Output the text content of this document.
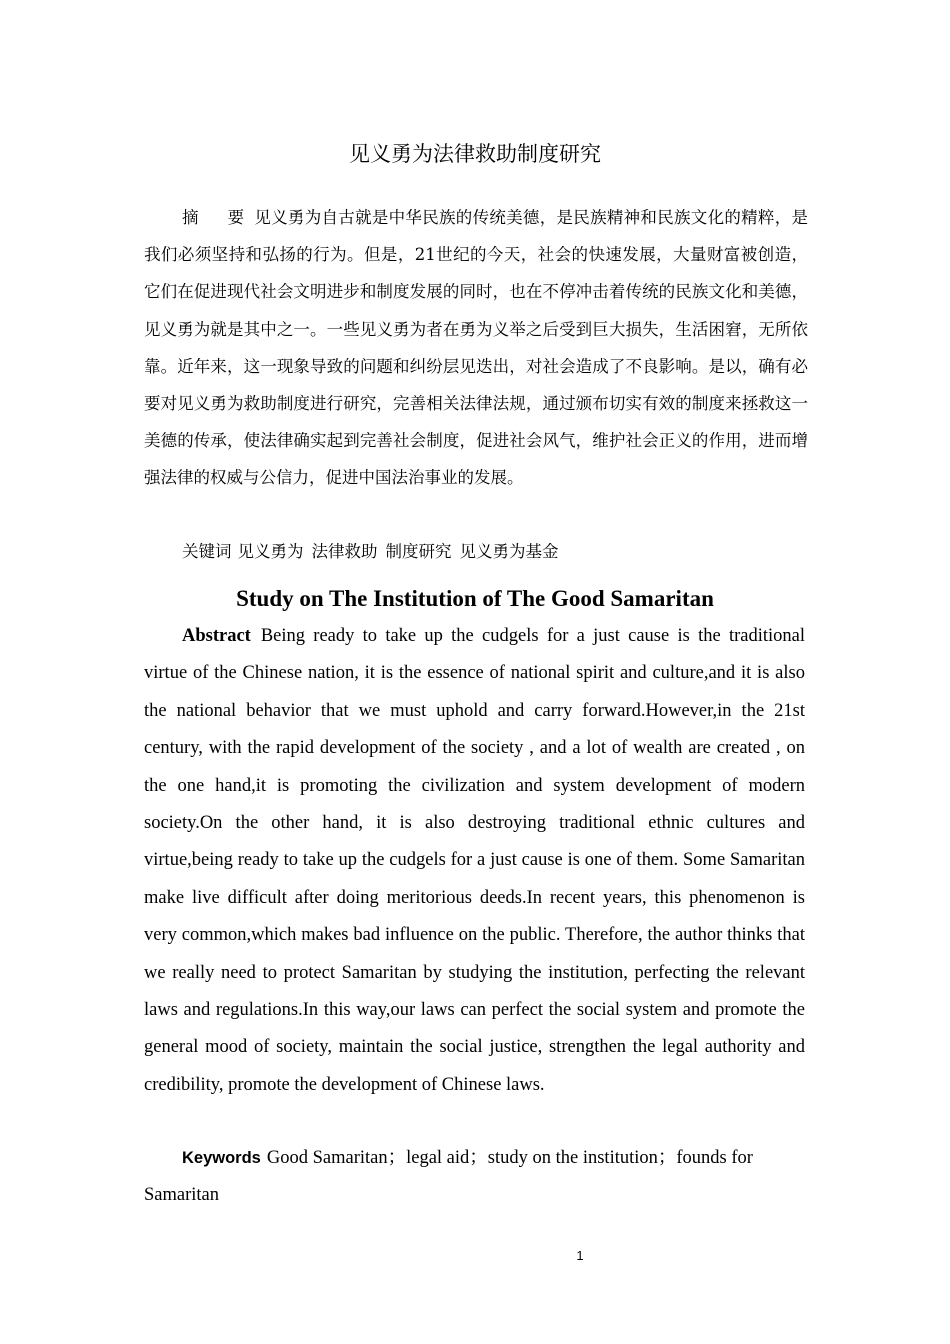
见义勇为法律救助制度研究

摘　要 见义勇为自古就是中华民族的传统美德，是民族精神和民族文化的精粹，是我们必须坚持和弘扬的行为。但是，21世纪的今天，社会的快速发展，大量财富被创造，它们在促进现代社会文明进步和制度发展的同时，也在不停冲击着传统的民族文化和美德，见义勇为就是其中之一。一些见义勇为者在勇为义举之后受到巨大损失，生活困窘，无所依靠。近年来，这一现象导致的问题和纠纷层见迭出，对社会造成了不良影响。是以，确有必要对见义勇为救助制度进行研究，完善相关法律法规，通过颁布切实有效的制度来拯救这一美德的传承，使法律确实起到完善社会制度，促进社会风气，维护社会正义的作用，进而增强法律的权威与公信力，促进中国法治事业的发展。

关键词 见义勇为 法律救助 制度研究 见义勇为基金

Study on The Institution of The Good Samaritan

Abstract Being ready to take up the cudgels for a just cause is the traditional virtue of the Chinese nation, it is the essence of national spirit and culture,and it is also the national behavior that we must uphold and carry forward.However,in the 21st century, with the rapid development of the society , and a lot of wealth are created , on the one hand,it is promoting the civilization and system development of modern society.On the other hand, it is also destroying traditional ethnic cultures and virtue,being ready to take up the cudgels for a just cause is one of them. Some Samaritan make live difficult after doing meritorious deeds.In recent years, this phenomenon is very common,which makes bad influence on the public. Therefore, the author thinks that we really need to protect Samaritan by studying the institution, perfecting the relevant laws and regulations.In this way,our laws can perfect the social system and promote the general mood of society, maintain the social justice, strengthen the legal authority and credibility, promote the development of Chinese laws.

Keywords Good Samaritan；legal aid；study on the institution；founds for Samaritan

1
